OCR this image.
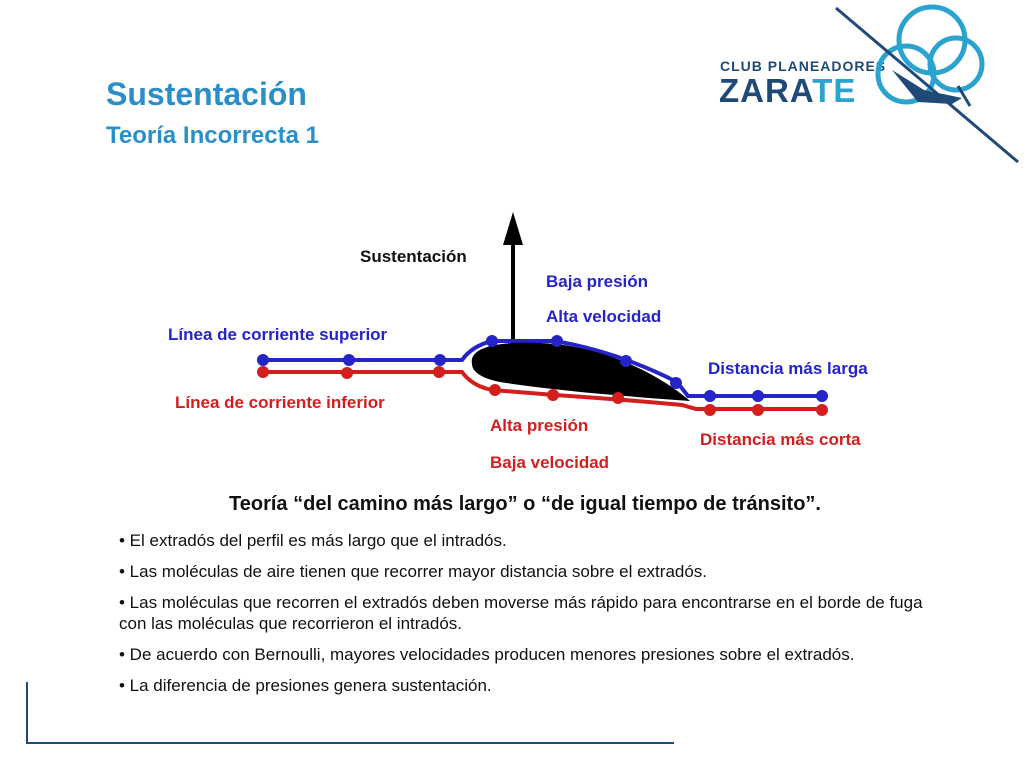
Sustentación
Teoría Incorrecta 1
CLUB PLANEADORES
ZARATE
Sustentación
Baja presión
Alta velocidad
Línea de corriente superior
Distancia más larga
Línea de corriente inferior
Alta presión
Distancia más corta
Baja velocidad
Teoría “del camino más largo” o “de igual tiempo de tránsito”.
• El extradós del perfil es más largo que el intradós.
• Las moléculas de aire tienen que recorrer mayor distancia sobre el extradós.
• Las moléculas que recorren el extradós deben moverse más rápido para encontrarse en el borde de fuga con las moléculas que recorrieron el intradós.
• De acuerdo con Bernoulli, mayores velocidades producen menores presiones sobre el extradós.
• La diferencia de presiones genera sustentación.
